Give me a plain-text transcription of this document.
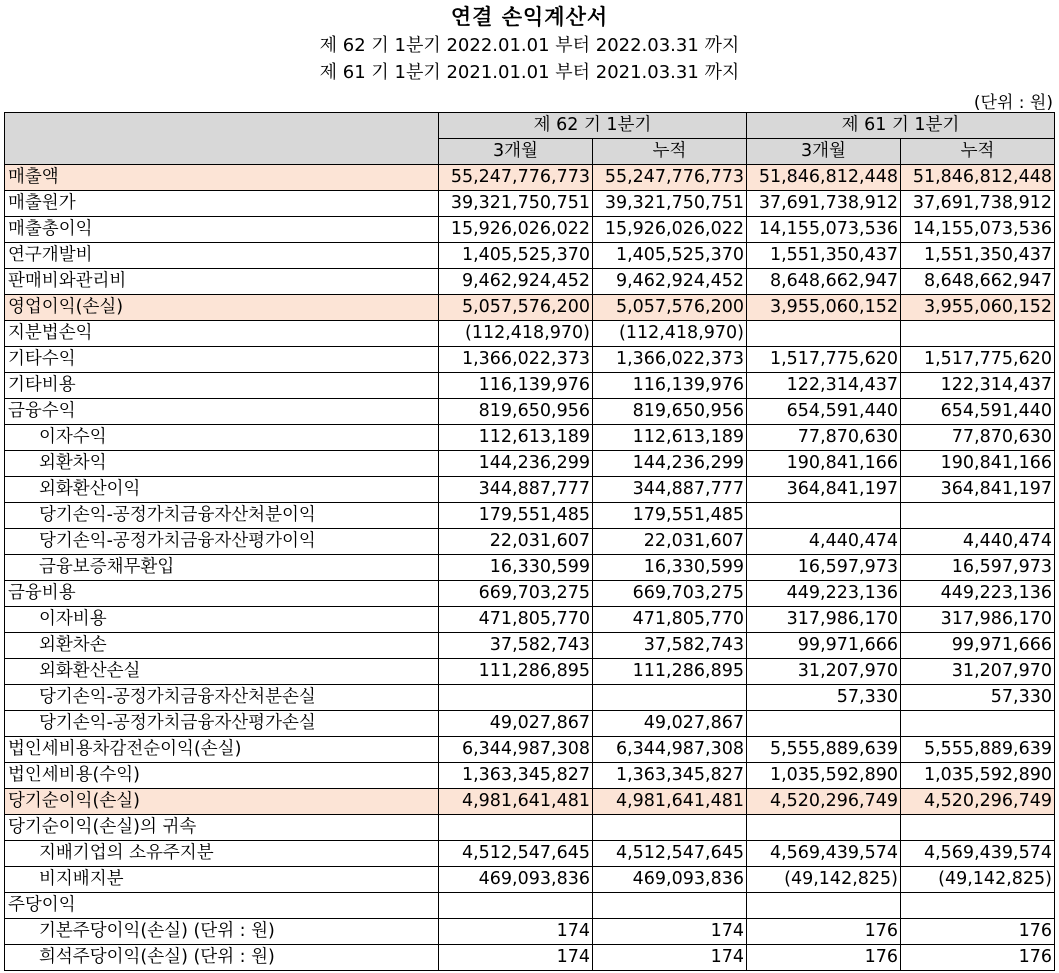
연결 손익계산서
제 62 기 1분기 2022.01.01 부터 2022.03.31 까지
제 61 기 1분기 2021.01.01 부터 2021.03.31 까지
(단위 : 원)
	제 62 기 1분기		제 61 기 1분기	
	3개월	누적	3개월	누적
매출액	55,247,776,773	55,247,776,773	51,846,812,448	51,846,812,448
매출원가	39,321,750,751	39,321,750,751	37,691,738,912	37,691,738,912
매출총이익	15,926,026,022	15,926,026,022	14,155,073,536	14,155,073,536
연구개발비	1,405,525,370	1,405,525,370	1,551,350,437	1,551,350,437
판매비와관리비	9,462,924,452	9,462,924,452	8,648,662,947	8,648,662,947
영업이익(손실)	5,057,576,200	5,057,576,200	3,955,060,152	3,955,060,152
지분법손익	(112,418,970)	(112,418,970)		
기타수익	1,366,022,373	1,366,022,373	1,517,775,620	1,517,775,620
기타비용	116,139,976	116,139,976	122,314,437	122,314,437
금융수익	819,650,956	819,650,956	654,591,440	654,591,440
이자수익	112,613,189	112,613,189	77,870,630	77,870,630
외환차익	144,236,299	144,236,299	190,841,166	190,841,166
외화환산이익	344,887,777	344,887,777	364,841,197	364,841,197
당기손익-공정가치금융자산처분이익	179,551,485	179,551,485		
당기손익-공정가치금융자산평가이익	22,031,607	22,031,607	4,440,474	4,440,474
금융보증채무환입	16,330,599	16,330,599	16,597,973	16,597,973
금융비용	669,703,275	669,703,275	449,223,136	449,223,136
이자비용	471,805,770	471,805,770	317,986,170	317,986,170
외환차손	37,582,743	37,582,743	99,971,666	99,971,666
외화환산손실	111,286,895	111,286,895	31,207,970	31,207,970
당기손익-공정가치금융자산처분손실			57,330	57,330
당기손익-공정가치금융자산평가손실	49,027,867	49,027,867		
법인세비용차감전순이익(손실)	6,344,987,308	6,344,987,308	5,555,889,639	5,555,889,639
법인세비용(수익)	1,363,345,827	1,363,345,827	1,035,592,890	1,035,592,890
당기순이익(손실)	4,981,641,481	4,981,641,481	4,520,296,749	4,520,296,749
당기순이익(손실)의 귀속				
지배기업의 소유주지분	4,512,547,645	4,512,547,645	4,569,439,574	4,569,439,574
비지배지분	469,093,836	469,093,836	(49,142,825)	(49,142,825)
주당이익				
기본주당이익(손실) (단위 : 원)	174	174	176	176
희석주당이익(손실) (단위 : 원)	174	174	176	176
